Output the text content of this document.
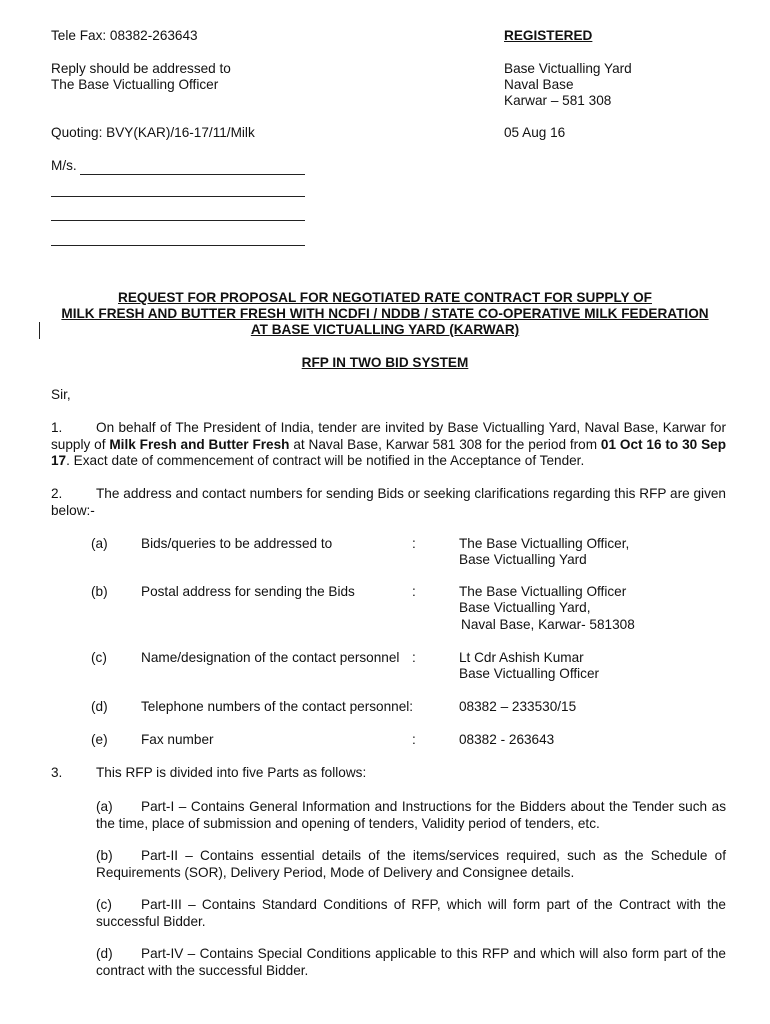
Tele Fax: 08382-263643	REGISTERED
Reply should be addressed to
The Base Victualling Officer
Base Victualling Yard
Naval Base
Karwar – 581 308
Quoting: BVY(KAR)/16-17/11/Milk	05 Aug 16
M/s.
REQUEST FOR PROPOSAL FOR NEGOTIATED RATE CONTRACT FOR SUPPLY OF
MILK FRESH AND BUTTER FRESH WITH NCDFI / NDDB / STATE CO-OPERATIVE MILK FEDERATION
AT BASE VICTUALLING YARD (KARWAR)
RFP IN TWO BID SYSTEM
Sir,

1. On behalf of The President of India, tender are invited by Base Victualling Yard, Naval Base, Karwar for supply of Milk Fresh and Butter Fresh at Naval Base, Karwar 581 308 for the period from 01 Oct 16 to 30 Sep 17. Exact date of commencement of contract will be notified in the Acceptance of Tender.

2. The address and contact numbers for sending Bids or seeking clarifications regarding this RFP are given below:-

(a) Bids/queries to be addressed to	:	The Base Victualling Officer,
Base Victualling Yard
(b) Postal address for sending the Bids	:	The Base Victualling Officer
Base Victualling Yard,
Naval Base, Karwar- 581308
(c)	Name/designation of the contact personnel :	Lt Cdr Ashish Kumar
Base Victualling Officer
(d) Telephone numbers of the contact personnel:	08382 – 233530/15
(e) Fax number	:	08382 - 263643
3. This RFP is divided into five Parts as follows:
(a) Part-I – Contains General Information and Instructions for the Bidders about the Tender such as the time, place of submission and opening of tenders, Validity period of tenders, etc.
(b) Part-II – Contains essential details of the items/services required, such as the Schedule of Requirements (SOR), Delivery Period, Mode of Delivery and Consignee details.
(c) Part-III – Contains Standard Conditions of RFP, which will form part of the Contract with the successful Bidder.
(d) Part-IV – Contains Special Conditions applicable to this RFP and which will also form part of the contract with the successful Bidder.
